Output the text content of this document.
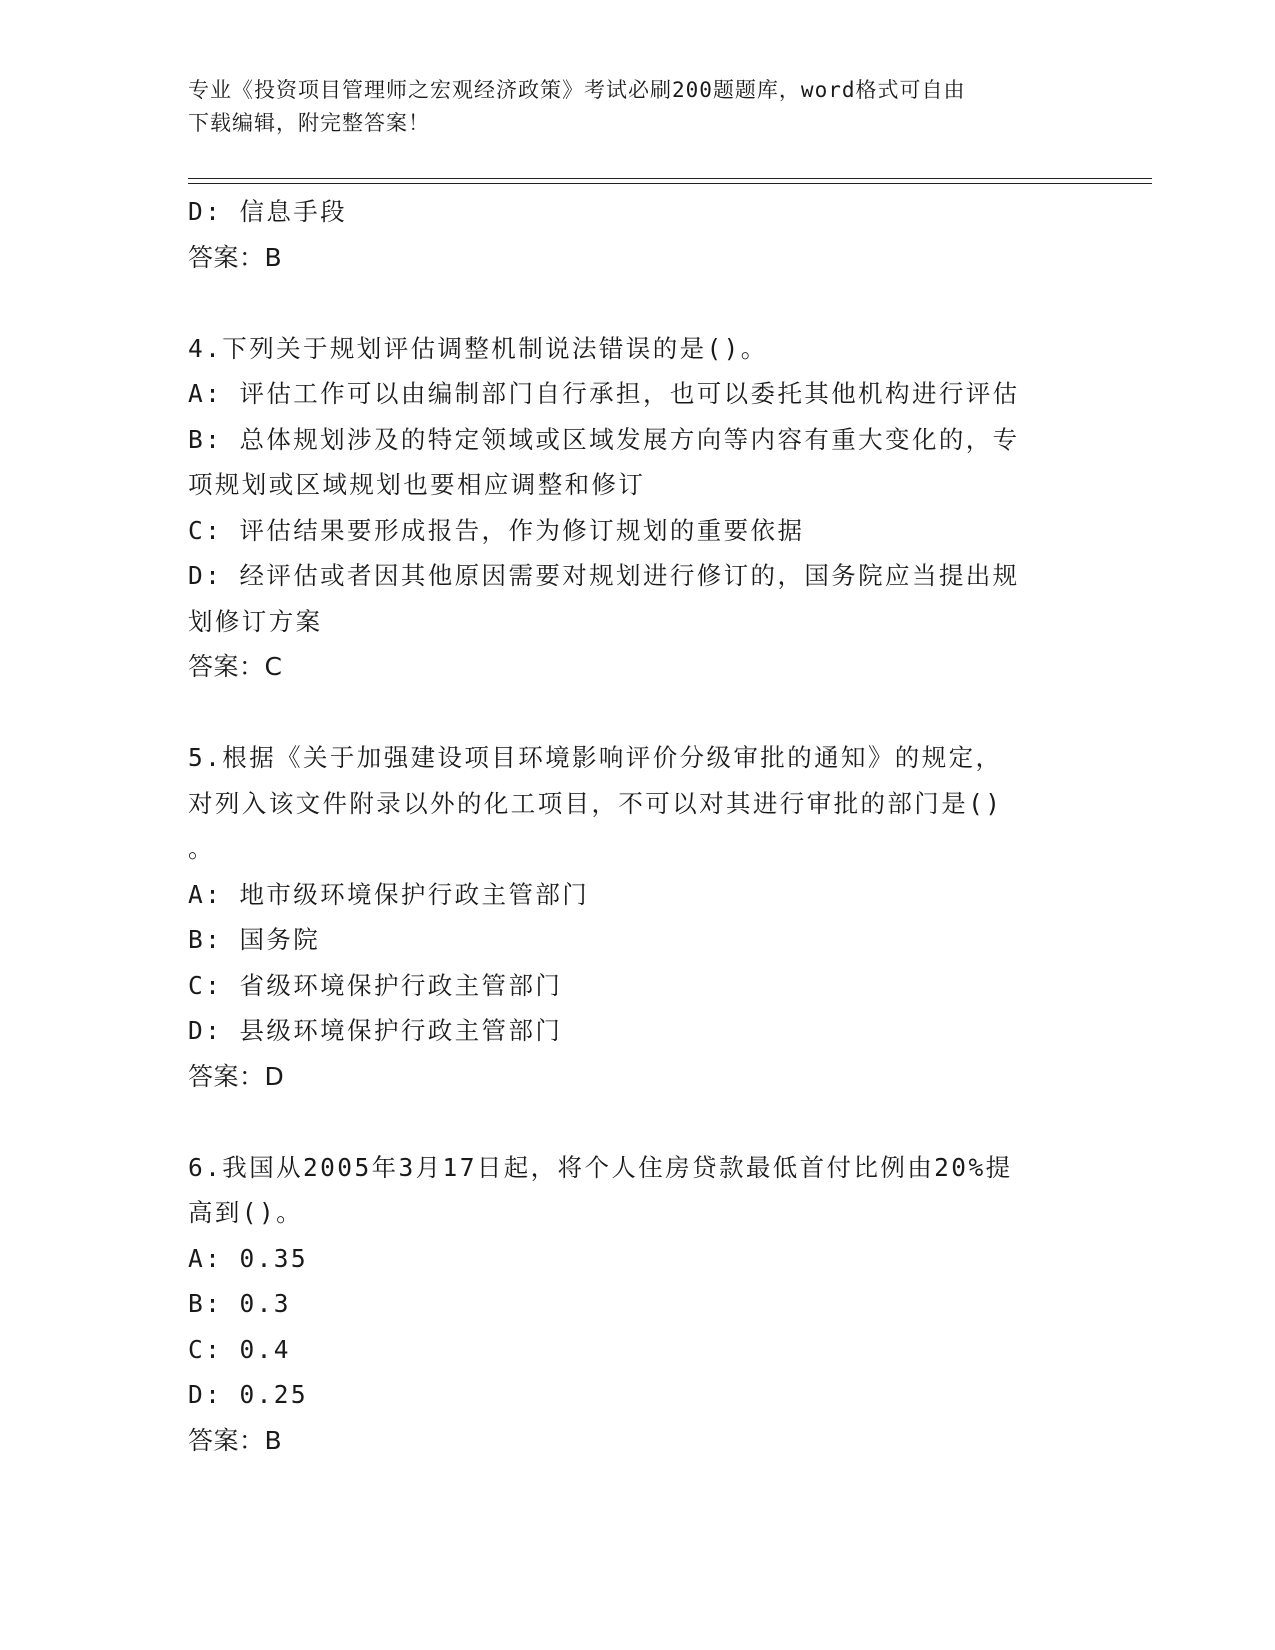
专业《投资项目管理师之宏观经济政策》考试必刷200题题库，word格式可自由
下载编辑，附完整答案！
D: 信息手段
答案：B
4.下列关于规划评估调整机制说法错误的是()。
A: 评估工作可以由编制部门自行承担，也可以委托其他机构进行评估
B: 总体规划涉及的特定领域或区域发展方向等内容有重大变化的，专
项规划或区域规划也要相应调整和修订
C: 评估结果要形成报告，作为修订规划的重要依据
D: 经评估或者因其他原因需要对规划进行修订的，国务院应当提出规
划修订方案
答案：C
5.根据《关于加强建设项目环境影响评价分级审批的通知》的规定，
对列入该文件附录以外的化工项目，不可以对其进行审批的部门是()
。
A: 地市级环境保护行政主管部门
B: 国务院
C: 省级环境保护行政主管部门
D: 县级环境保护行政主管部门
答案：D
6.我国从2005年3月17日起，将个人住房贷款最低首付比例由20%提
高到()。
A: 0.35
B: 0.3
C: 0.4
D: 0.25
答案：B
